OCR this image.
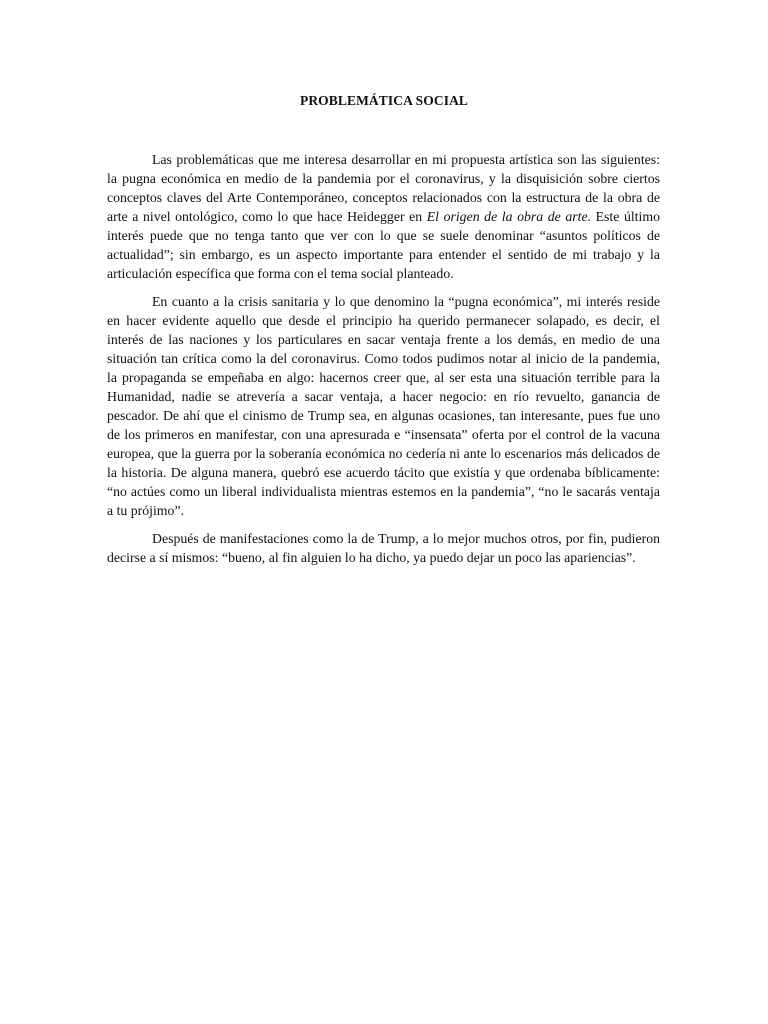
PROBLEMÁTICA SOCIAL

Las problemáticas que me interesa desarrollar en mi propuesta artística son las siguientes: la pugna económica en medio de la pandemia por el coronavirus, y la disquisición sobre ciertos conceptos claves del Arte Contemporáneo, conceptos relacionados con la estructura de la obra de arte a nivel ontológico, como lo que hace Heidegger en El origen de la obra de arte. Este último interés puede que no tenga tanto que ver con lo que se suele denominar “asuntos políticos de actualidad”; sin embargo, es un aspecto importante para entender el sentido de mi trabajo y la articulación específica que forma con el tema social planteado.

En cuanto a la crisis sanitaria y lo que denomino la “pugna económica”, mi interés reside en hacer evidente aquello que desde el principio ha querido permanecer solapado, es decir, el interés de las naciones y los particulares en sacar ventaja frente a los demás, en medio de una situación tan crítica como la del coronavirus. Como todos pudimos notar al inicio de la pandemia, la propaganda se empeñaba en algo: hacernos creer que, al ser esta una situación terrible para la Humanidad, nadie se atrevería a sacar ventaja, a hacer negocio: en río revuelto, ganancia de pescador. De ahí que el cinismo de Trump sea, en algunas ocasiones, tan interesante, pues fue uno de los primeros en manifestar, con una apresurada e “insensata” oferta por el control de la vacuna europea, que la guerra por la soberanía económica no cedería ni ante lo escenarios más delicados de la historia. De alguna manera, quebró ese acuerdo tácito que existía y que ordenaba bíblicamente: “no actúes como un liberal individualista mientras estemos en la pandemia”, “no le sacarás ventaja a tu prójimo”.

Después de manifestaciones como la de Trump, a lo mejor muchos otros, por fin, pudieron decirse a sí mismos: “bueno, al fin alguien lo ha dicho, ya puedo dejar un poco las apariencias”.
